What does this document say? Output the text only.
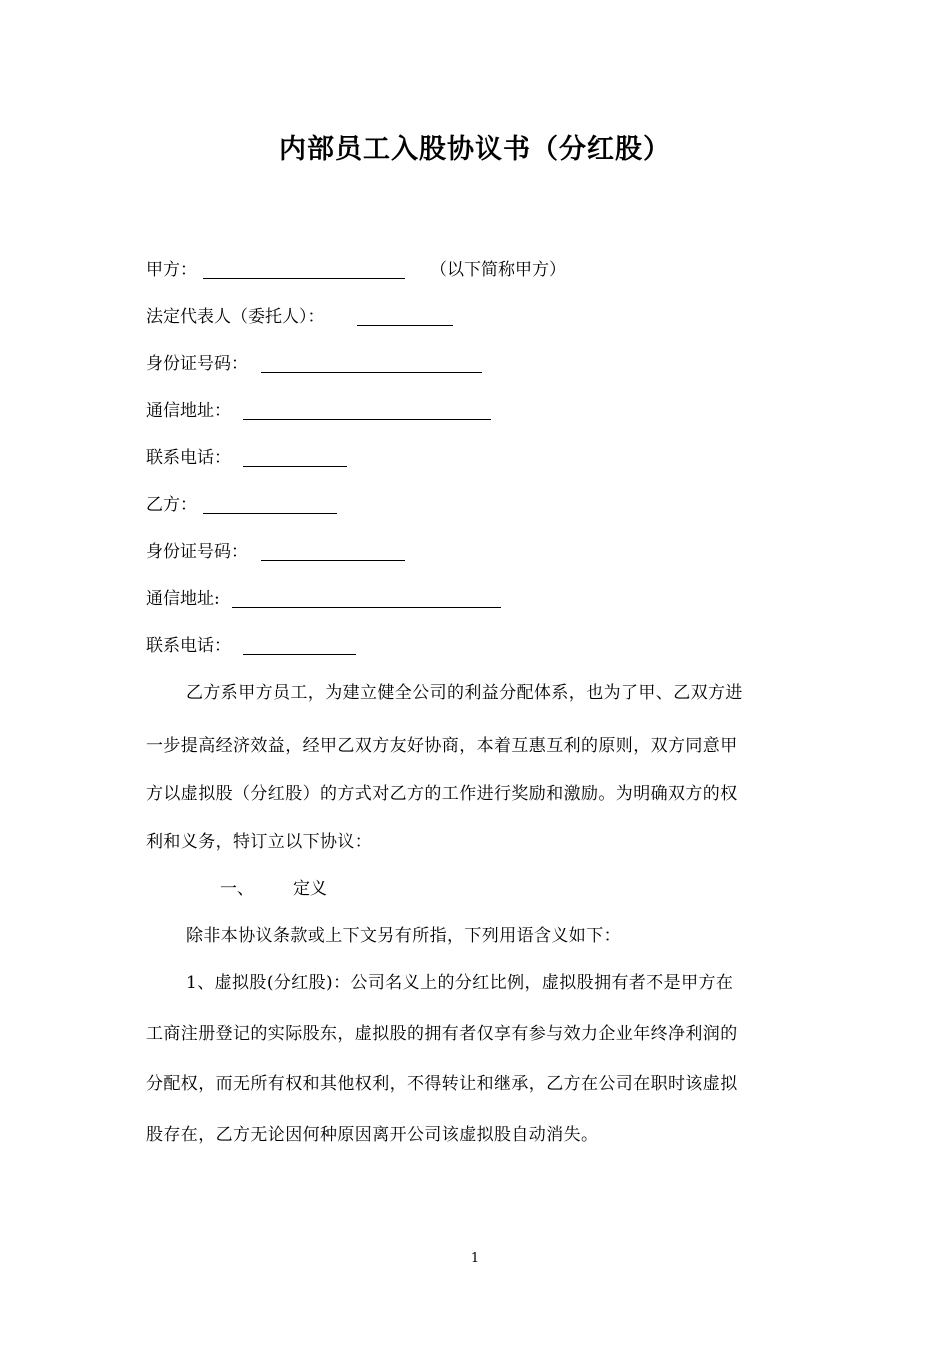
内部员工入股协议书（分红股）
甲方：	（以下简称甲方）
法定代表人（委托人）：
身份证号码：
通信地址：
联系电话：
乙方：
身份证号码：
通信地址:
联系电话：
乙方系甲方员工，为建立健全公司的利益分配体系，也为了甲、乙双方进
一步提高经济效益，经甲乙双方友好协商，本着互惠互利的原则，双方同意甲
方以虚拟股（分红股）的方式对乙方的工作进行奖励和激励。为明确双方的权
利和义务，特订立以下协议：
一、 定义
除非本协议条款或上下文另有所指，下列用语含义如下：
1、虚拟股(分红股)：公司名义上的分红比例，虚拟股拥有者不是甲方在
工商注册登记的实际股东，虚拟股的拥有者仅享有参与效力企业年终净利润的
分配权，而无所有权和其他权利，不得转让和继承，乙方在公司在职时该虚拟
股存在，乙方无论因何种原因离开公司该虚拟股自动消失。
1
